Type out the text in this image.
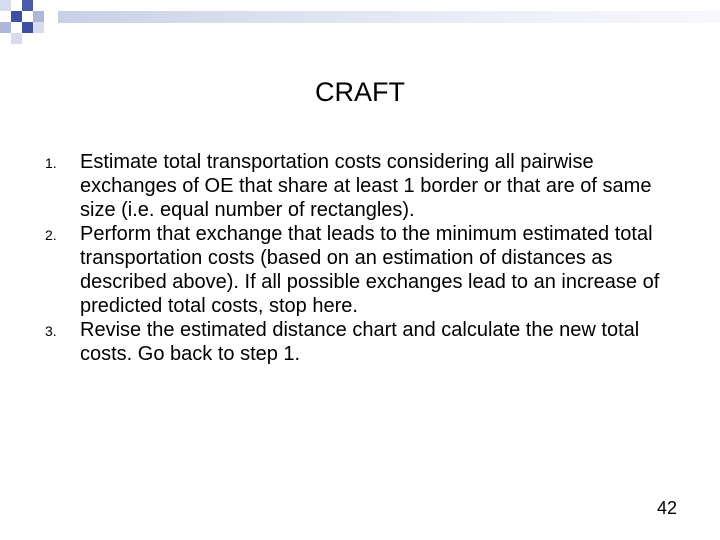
CRAFT
1. Estimate total transportation costs considering all pairwise exchanges of OE that share at least 1 border or that are of same size (i.e. equal number of rectangles).
2. Perform that exchange that leads to the minimum estimated total transportation costs (based on an estimation of distances as described above). If all possible exchanges lead to an increase of predicted total costs, stop here.
3. Revise the estimated distance chart and calculate the new total costs. Go back to step 1.
42
